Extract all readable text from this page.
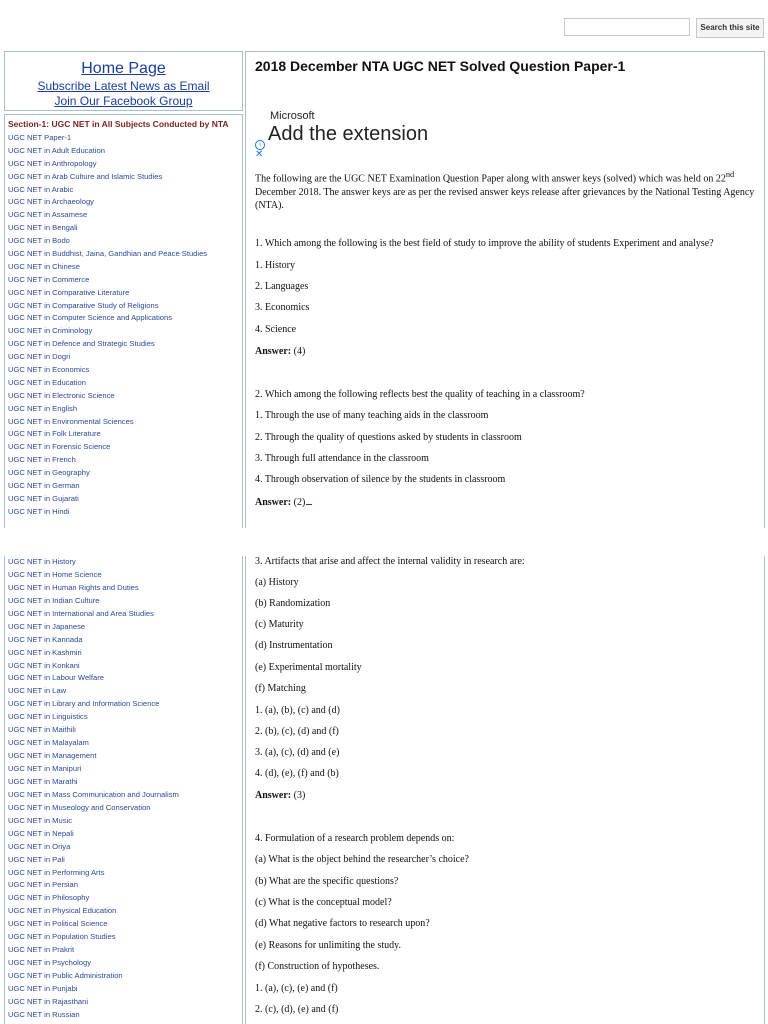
Search this site
Home Page
Subscribe Latest News as Email
Join Our Facebook Group
Section-1: UGC NET in All Subjects Conducted by NTA
UGC NET Paper-1
UGC NET in Adult Education
UGC NET in Anthropology
UGC NET in Arab Culture and Islamic Studies
UGC NET in Arabic
UGC NET in Archaeology
UGC NET in Assamese
UGC NET in Bengali
UGC NET in Bodo
UGC NET in Buddhist, Jaina, Gandhian and Peace Studies
UGC NET in Chinese
UGC NET in Commerce
UGC NET in Comparative Literature
UGC NET in Comparative Study of Religions
UGC NET in Computer Science and Applications
UGC NET in Criminology
UGC NET in Defence and Strategic Studies
UGC NET in Dogri
UGC NET in Economics
UGC NET in Education
UGC NET in Electronic Science
UGC NET in English
UGC NET in Environmental Sciences
UGC NET in Folk Literature
UGC NET in Forensic Science
UGC NET in French
UGC NET in Geography
UGC NET in German
UGC NET in Gujarati
UGC NET in Hindi
UGC NET in History
UGC NET in Home Science
UGC NET in Human Rights and Duties
UGC NET in Indian Culture
UGC NET in International and Area Studies
UGC NET in Japanese
UGC NET in Kannada
UGC NET in Kashmiri
UGC NET in Konkani
UGC NET in Labour Welfare
UGC NET in Law
UGC NET in Library and Information Science
UGC NET in Linguistics
UGC NET in Maithili
UGC NET in Malayalam
UGC NET in Management
UGC NET in Manipuri
UGC NET in Marathi
UGC NET in Mass Communication and Journalism
UGC NET in Museology and Conservation
UGC NET in Music
UGC NET in Nepali
UGC NET in Oriya
UGC NET in Pali
UGC NET in Performing Arts
UGC NET in Persian
UGC NET in Philosophy
UGC NET in Physical Education
UGC NET in Political Science
UGC NET in Population Studies
UGC NET in Prakrit
UGC NET in Psychology
UGC NET in Public Administration
UGC NET in Punjabi
UGC NET in Rajasthani
UGC NET in Russian
2018 December NTA UGC NET Solved Question Paper-1
Microsoft
Add the extension
i
✕
The following are the UGC NET Examination Question Paper along with answer keys (solved) which was held on 22nd December 2018. The answer keys are as per the revised answer keys release after grievances by the National Testing Agency (NTA).
1. Which among the following is the best field of study to improve the ability of students Experiment and analyse?
1. History
2. Languages
3. Economics
4. Science
Answer: (4)
2. Which among the following reflects best the quality of teaching in a classroom?
1. Through the use of many teaching aids in the classroom
2. Through the quality of questions asked by students in classroom
3. Through full attendance in the classroom
4. Through observation of silence by the students in classroom
Answer: (2)
3. Artifacts that arise and affect the internal validity in research are:
(a) History
(b) Randomization
(c) Maturity
(d) Instrumentation
(e) Experimental mortality
(f) Matching
1. (a), (b), (c) and (d)
2. (b), (c), (d) and (f)
3. (a), (c), (d) and (e)
4. (d), (e), (f) and (b)
Answer: (3)
4. Formulation of a research problem depends on:
(a) What is the object behind the researcher’s choice?
(b) What are the specific questions?
(c) What is the conceptual model?
(d) What negative factors to research upon?
(e) Reasons for unlimiting the study.
(f) Construction of hypotheses.
1. (a), (c), (e) and (f)
2. (c), (d), (e) and (f)
